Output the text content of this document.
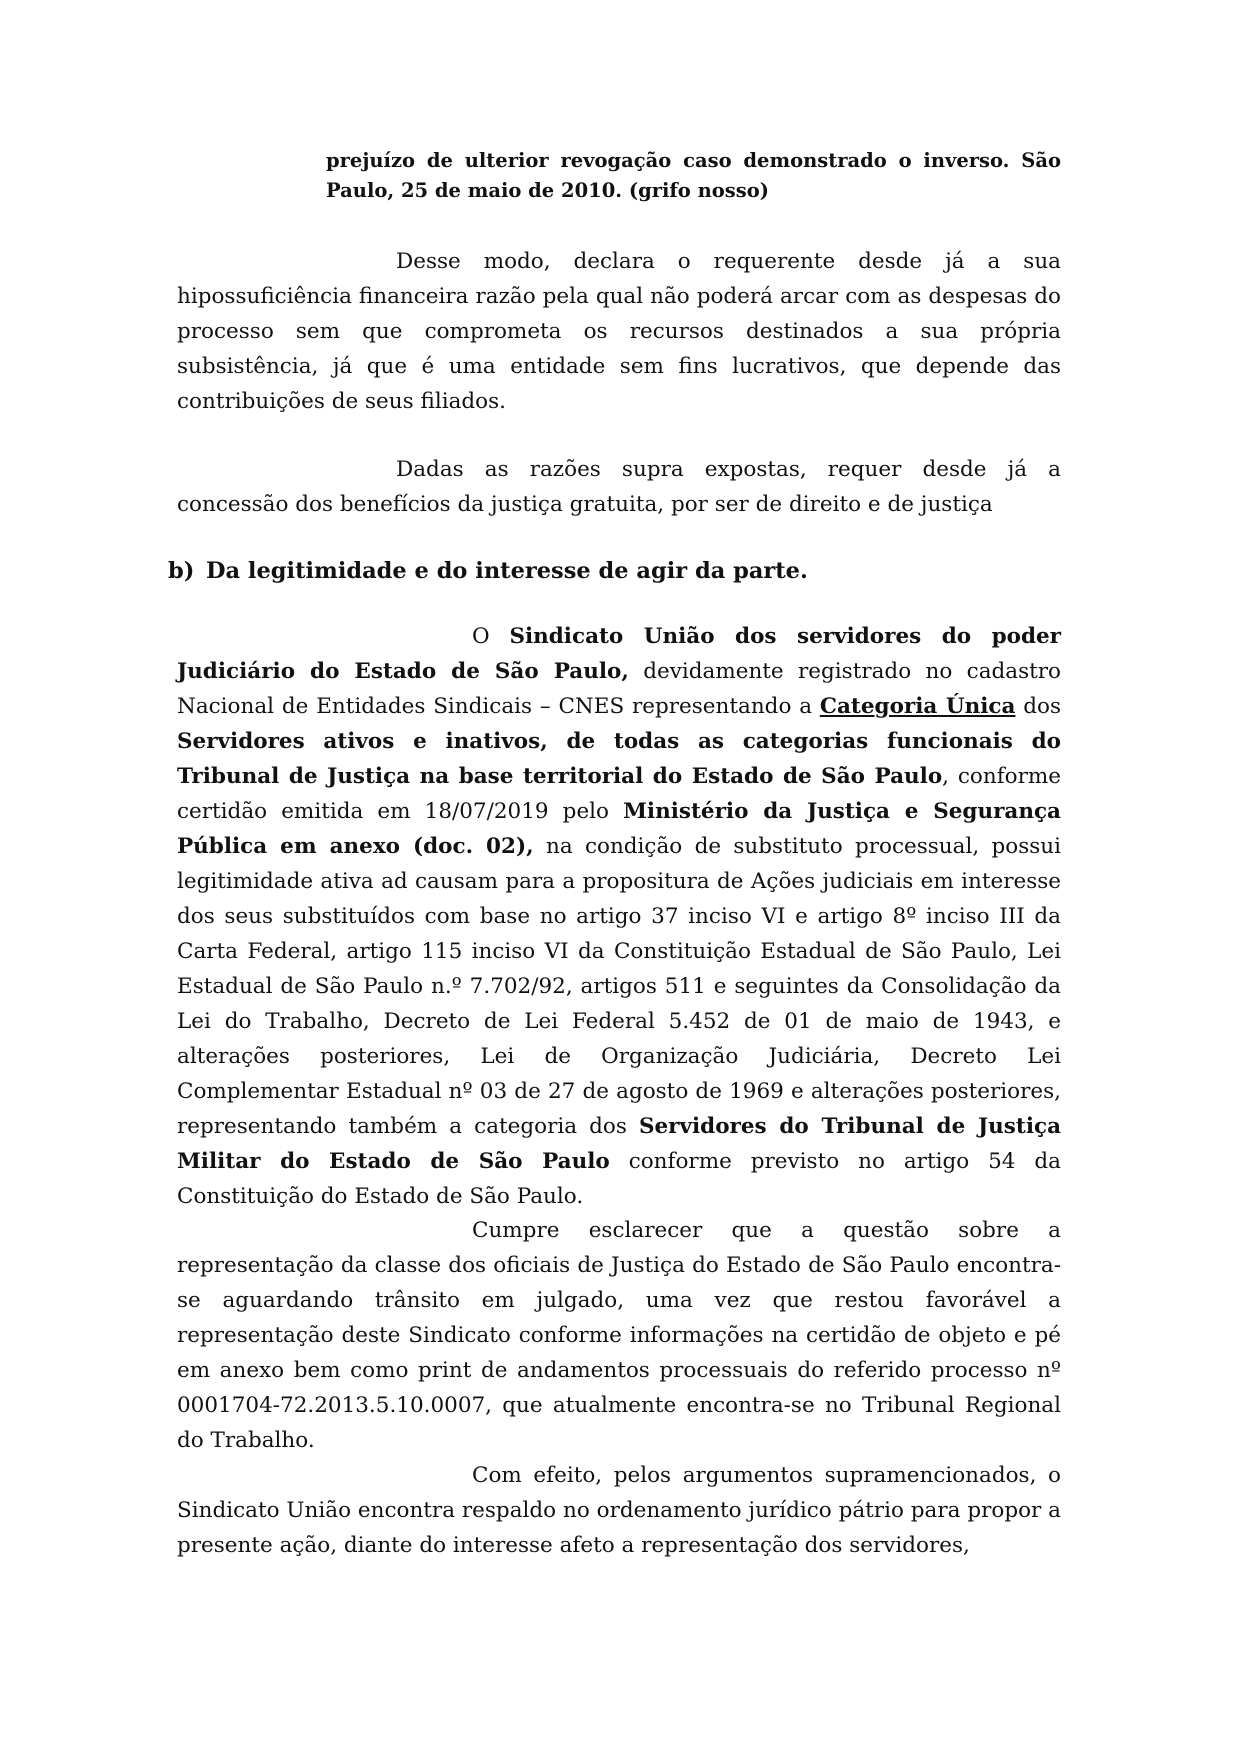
prejuízo de ulterior revogação caso demonstrado o inverso. São Paulo, 25 de maio de 2010. (grifo nosso)

Desse modo, declara o requerente desde já a sua hipossuficiência financeira razão pela qual não poderá arcar com as despesas do processo sem que comprometa os recursos destinados a sua própria subsistência, já que é uma entidade sem fins lucrativos, que depende das contribuições de seus filiados.

Dadas as razões supra expostas, requer desde já a concessão dos benefícios da justiça gratuita, por ser de direito e de justiça

b) Da legitimidade e do interesse de agir da parte.

O Sindicato União dos servidores do poder Judiciário do Estado de São Paulo, devidamente registrado no cadastro Nacional de Entidades Sindicais – CNES representando a Categoria Única dos Servidores ativos e inativos, de todas as categorias funcionais do Tribunal de Justiça na base territorial do Estado de São Paulo, conforme certidão emitida em 18/07/2019 pelo Ministério da Justiça e Segurança Pública em anexo (doc. 02), na condição de substituto processual, possui legitimidade ativa ad causam para a propositura de Ações judiciais em interesse dos seus substituídos com base no artigo 37 inciso VI e artigo 8º inciso III da Carta Federal, artigo 115 inciso VI da Constituição Estadual de São Paulo, Lei Estadual de São Paulo n.º 7.702/92, artigos 511 e seguintes da Consolidação da Lei do Trabalho, Decreto de Lei Federal 5.452 de 01 de maio de 1943, e alterações posteriores, Lei de Organização Judiciária, Decreto Lei Complementar Estadual nº 03 de 27 de agosto de 1969 e alterações posteriores, representando também a categoria dos Servidores do Tribunal de Justiça Militar do Estado de São Paulo conforme previsto no artigo 54 da Constituição do Estado de São Paulo.

Cumpre esclarecer que a questão sobre a representação da classe dos oficiais de Justiça do Estado de São Paulo encontra-se aguardando trânsito em julgado, uma vez que restou favorável a representação deste Sindicato conforme informações na certidão de objeto e pé em anexo bem como print de andamentos processuais do referido processo nº 0001704-72.2013.5.10.0007, que atualmente encontra-se no Tribunal Regional do Trabalho.

Com efeito, pelos argumentos supramencionados, o Sindicato União encontra respaldo no ordenamento jurídico pátrio para propor a presente ação, diante do interesse afeto a representação dos servidores,
